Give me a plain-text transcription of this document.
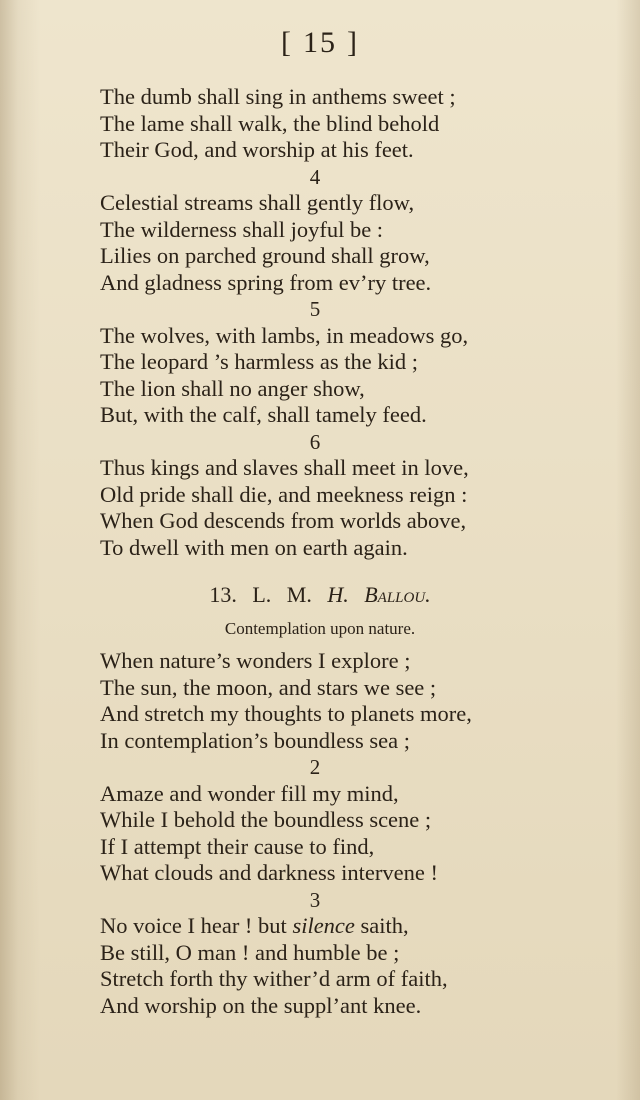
[ 15 ]
The dumb shall sing in anthems sweet ;
The lame shall walk, the blind behold
Their God, and worship at his feet.
4
Celestial streams shall gently flow,
The wilderness shall joyful be :
Lilies on parched ground shall grow,
And gladness spring from ev’ry tree.
5
The wolves, with lambs, in meadows go,
The leopard ’s harmless as the kid ;
The lion shall no anger show,
But, with the calf, shall tamely feed.
6
Thus kings and slaves shall meet in love,
Old pride shall die, and meekness reign :
When God descends from worlds above,
To dwell with men on earth again.
13. L. M. H. Ballou.
Contemplation upon nature.
When nature’s wonders I explore ;
The sun, the moon, and stars we see ;
And stretch my thoughts to planets more,
In contemplation’s boundless sea ;
2
Amaze and wonder fill my mind,
While I behold the boundless scene ;
If I attempt their cause to find,
What clouds and darkness intervene !
3
No voice I hear ! but silence saith,
Be still, O man ! and humble be ;
Stretch forth thy wither’d arm of faith,
And worship on the suppl’ant knee.
